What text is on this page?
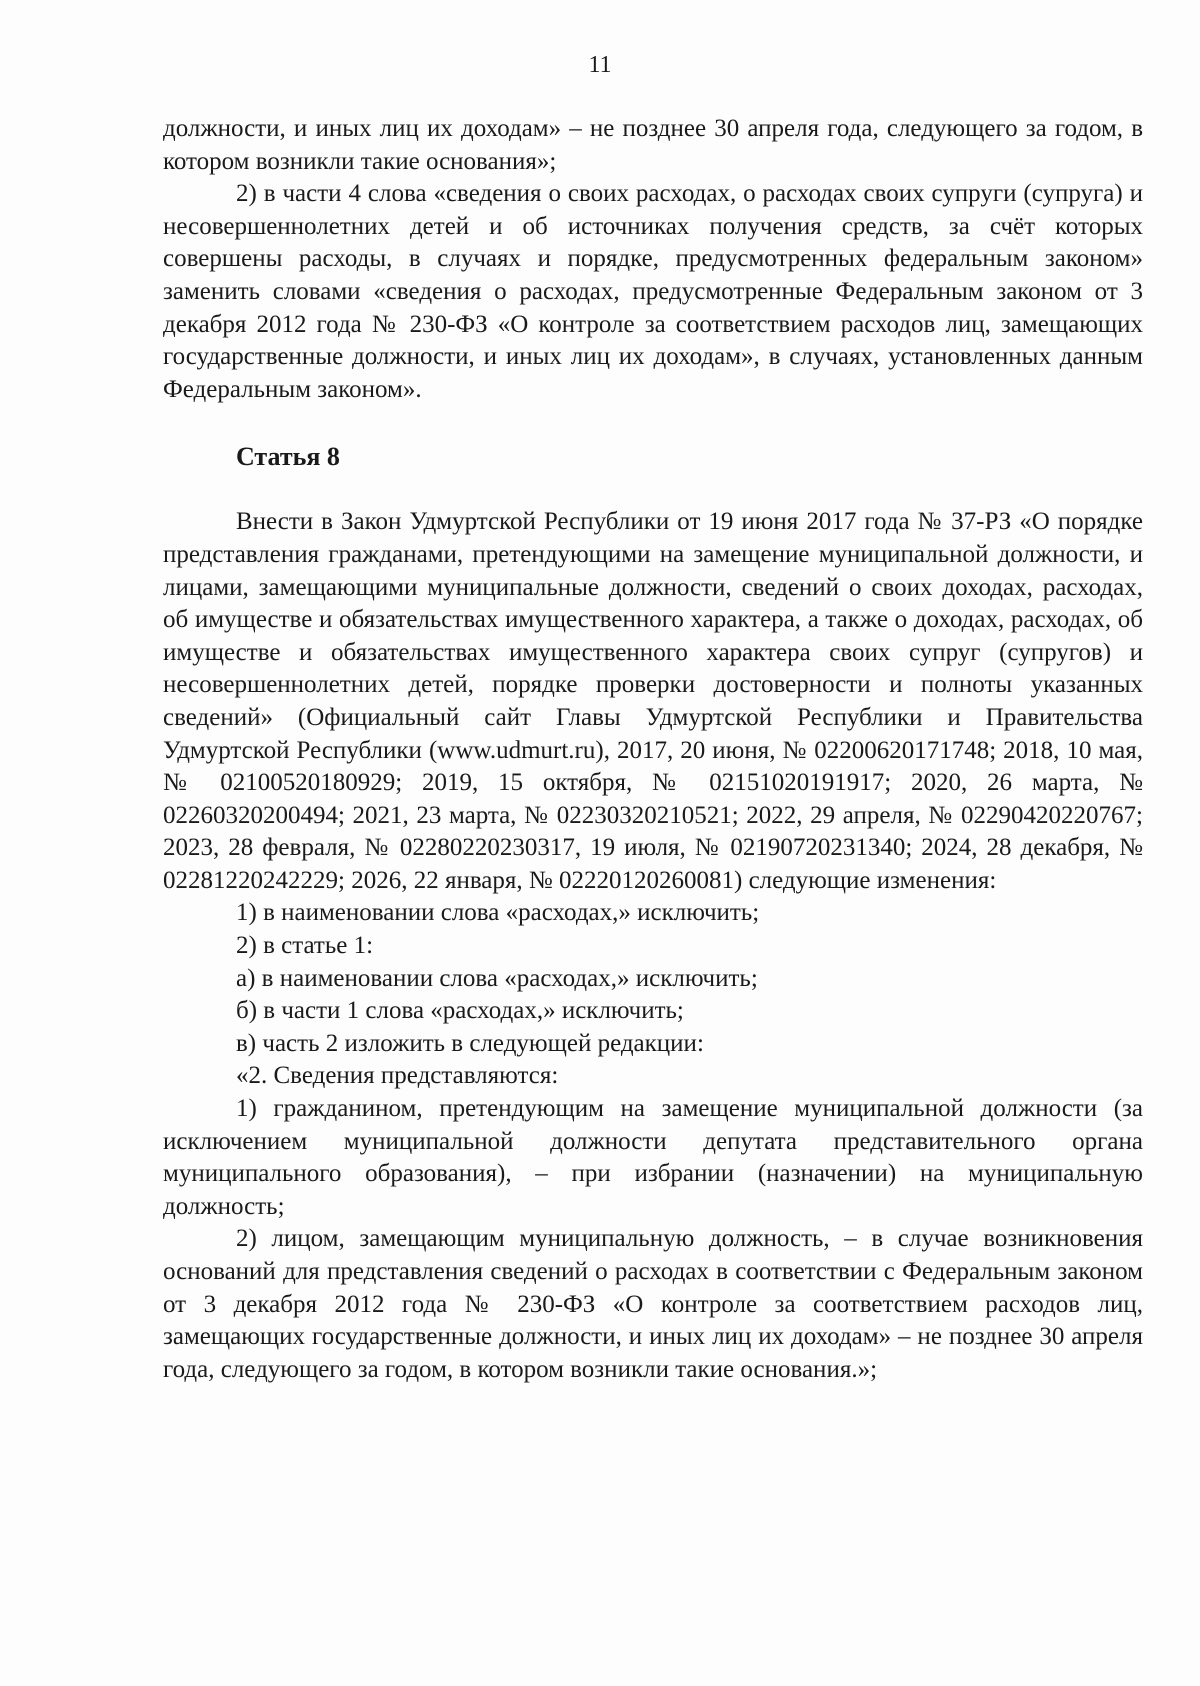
11

должности, и иных лиц их доходам» – не позднее 30 апреля года, следующего за годом, в котором возникли такие основания»;

2) в части 4 слова «сведения о своих расходах, о расходах своих супруги (супруга) и несовершеннолетних детей и об источниках получения средств, за счёт которых совершены расходы, в случаях и порядке, предусмотренных федеральным законом» заменить словами «сведения о расходах, предусмотренные Федеральным законом от 3 декабря 2012 года № 230-ФЗ «О контроле за соответствием расходов лиц, замещающих государственные должности, и иных лиц их доходам», в случаях, установленных данным Федеральным законом».

Статья 8

Внести в Закон Удмуртской Республики от 19 июня 2017 года № 37-РЗ «О порядке представления гражданами, претендующими на замещение муниципальной должности, и лицами, замещающими муниципальные должности, сведений о своих доходах, расходах, об имуществе и обязательствах имущественного характера, а также о доходах, расходах, об имуществе и обязательствах имущественного характера своих супруг (супругов) и несовершеннолетних детей, порядке проверки достоверности и полноты указанных сведений» (Официальный сайт Главы Удмуртской Республики и Правительства Удмуртской Республики (www.udmurt.ru), 2017, 20 июня, № 02200620171748; 2018, 10 мая, № 02100520180929; 2019, 15 октября, № 02151020191917; 2020, 26 марта, № 02260320200494; 2021, 23 марта, № 02230320210521; 2022, 29 апреля, № 02290420220767; 2023, 28 февраля, № 02280220230317, 19 июля, № 02190720231340; 2024, 28 декабря, № 02281220242229; 2026, 22 января, № 02220120260081) следующие изменения:

1) в наименовании слова «расходах,» исключить;

2) в статье 1:

а) в наименовании слова «расходах,» исключить;

б) в части 1 слова «расходах,» исключить;

в) часть 2 изложить в следующей редакции:

«2. Сведения представляются:

1) гражданином, претендующим на замещение муниципальной должности (за исключением муниципальной должности депутата представительного органа муниципального образования), – при избрании (назначении) на муниципальную должность;

2) лицом, замещающим муниципальную должность, – в случае возникновения оснований для представления сведений о расходах в соответствии с Федеральным законом от 3 декабря 2012 года № 230-ФЗ «О контроле за соответствием расходов лиц, замещающих государственные должности, и иных лиц их доходам» – не позднее 30 апреля года, следующего за годом, в котором возникли такие основания.»;
